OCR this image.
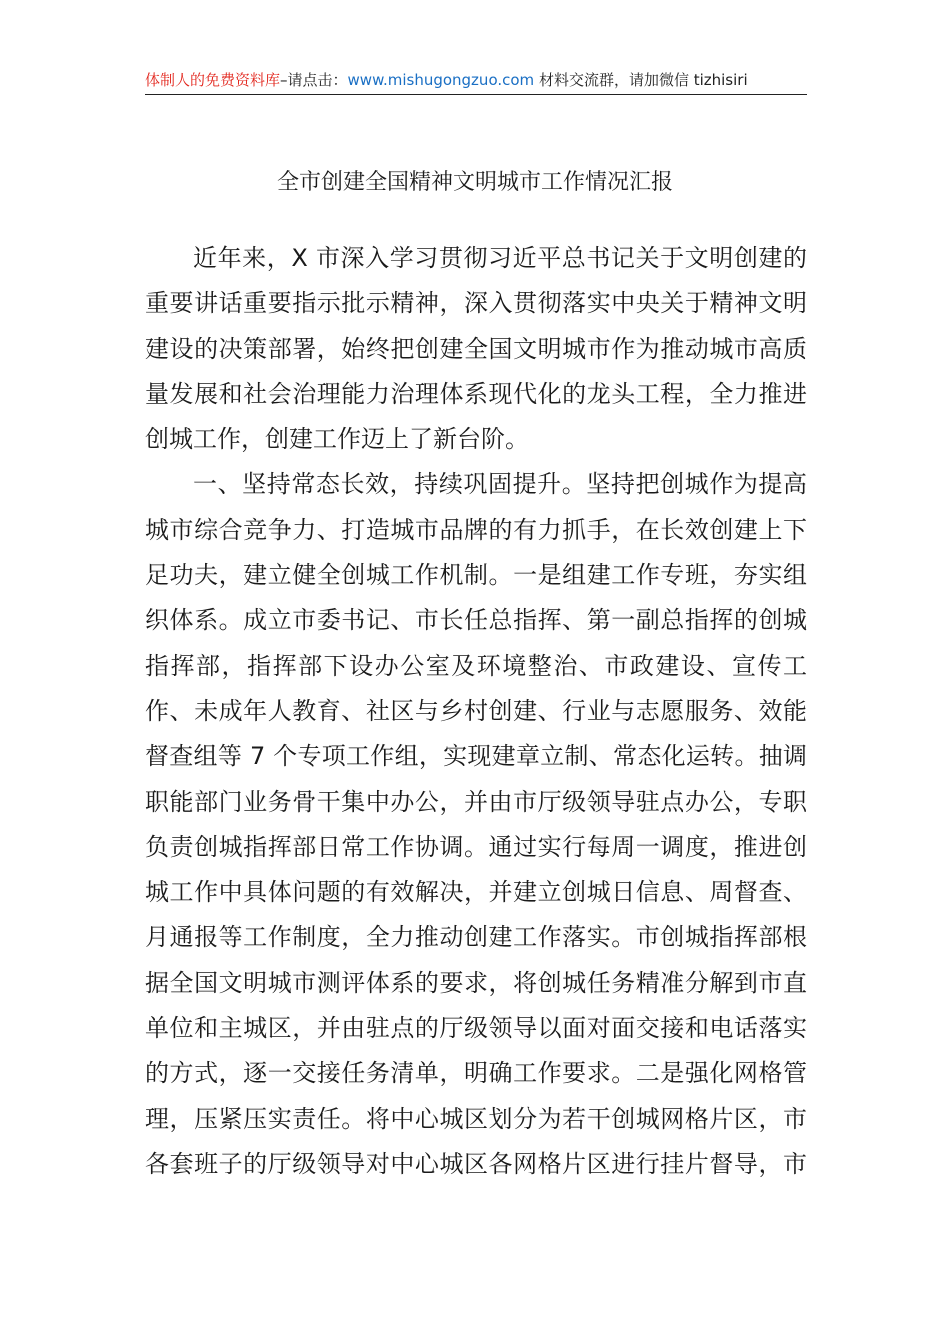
体制人的免费资料库–请点击：www.mishugongzuo.com 材料交流群，请加微信 tizhisiri
全市创建全国精神文明城市工作情况汇报
近年来，X 市深入学习贯彻习近平总书记关于文明创建的
重要讲话重要指示批示精神，深入贯彻落实中央关于精神文明
建设的决策部署，始终把创建全国文明城市作为推动城市高质
量发展和社会治理能力治理体系现代化的龙头工程，全力推进
创城工作，创建工作迈上了新台阶。
一、坚持常态长效，持续巩固提升。坚持把创城作为提高
城市综合竞争力、打造城市品牌的有力抓手，在长效创建上下
足功夫，建立健全创城工作机制。一是组建工作专班，夯实组
织体系。成立市委书记、市长任总指挥、第一副总指挥的创城
指挥部，指挥部下设办公室及环境整治、市政建设、宣传工
作、未成年人教育、社区与乡村创建、行业与志愿服务、效能
督查组等 7 个专项工作组，实现建章立制、常态化运转。抽调
职能部门业务骨干集中办公，并由市厅级领导驻点办公，专职
负责创城指挥部日常工作协调。通过实行每周一调度，推进创
城工作中具体问题的有效解决，并建立创城日信息、周督查、
月通报等工作制度，全力推动创建工作落实。市创城指挥部根
据全国文明城市测评体系的要求，将创城任务精准分解到市直
单位和主城区，并由驻点的厅级领导以面对面交接和电话落实
的方式，逐一交接任务清单，明确工作要求。二是强化网格管
理，压紧压实责任。将中心城区划分为若干创城网格片区，市
各套班子的厅级领导对中心城区各网格片区进行挂片督导，市
